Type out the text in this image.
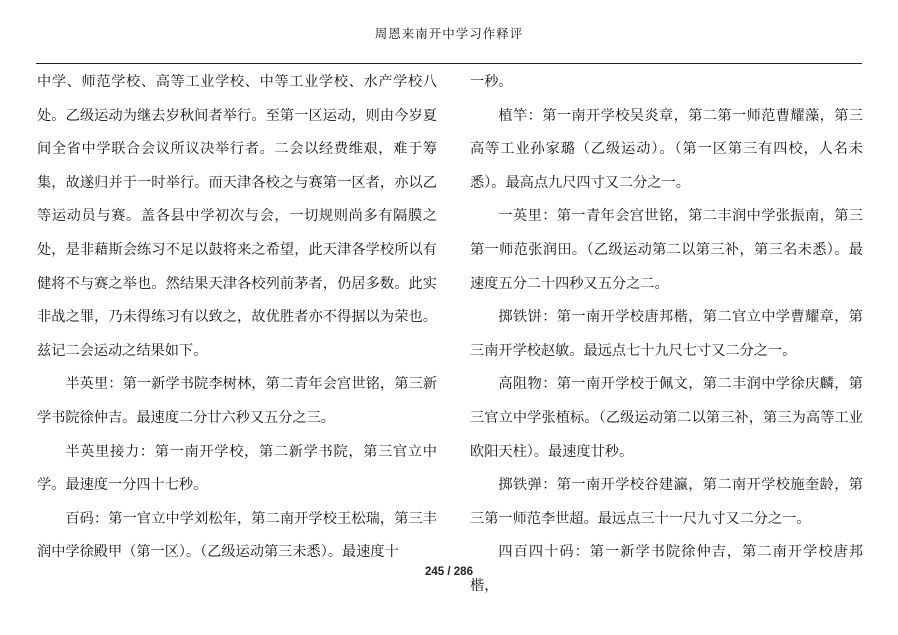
周恩来南开中学习作释评

中学、师范学校、高等工业学校、中等工业学校、水产学校八处。乙级运动为继去岁秋间者举行。至第一区运动，则由今岁夏间全省中学联合会议所议决举行者。二会以经费维艰，难于筹集，故遂归并于一时举行。而天津各校之与赛第一区者，亦以乙等运动员与赛。盖各县中学初次与会，一切规则尚多有隔膜之处，是非藉斯会练习不足以鼓将来之希望，此天津各学校所以有健将不与赛之举也。然结果天津各校列前茅者，仍居多数。此实非战之罪，乃未得练习有以致之，故优胜者亦不得据以为荣也。兹记二会运动之结果如下。

半英里：第一新学书院李树林，第二青年会宫世铭，第三新学书院徐仲吉。最速度二分廿六秒又五分之三。

半英里接力：第一南开学校，第二新学书院，第三官立中学。最速度一分四十七秒。

百码：第一官立中学刘松年，第二南开学校王松瑞，第三丰润中学徐殿甲（第一区）。（乙级运动第三未悉）。最速度十

一秒。

植竿：第一南开学校吴炎章，第二第一师范曹耀藻，第三高等工业孙家璐（乙级运动）。（第一区第三有四校，人名未悉）。最高点九尺四寸又二分之一。

一英里：第一青年会宫世铭，第二丰润中学张振南，第三第一师范张润田。（乙级运动第二以第三补，第三名未悉）。最速度五分二十四秒又五分之二。

掷铁饼：第一南开学校唐邦楷，第二官立中学曹耀章，第三南开学校赵敏。最远点七十九尺七寸又二分之一。

高阻物：第一南开学校于佩文，第二丰润中学徐庆麟，第三官立中学张植标。（乙级运动第二以第三补，第三为高等工业欧阳天柱）。最速度廿秒。

掷铁弹：第一南开学校谷建瀛，第二南开学校施奎龄，第三第一师范李世超。最远点三十一尺九寸又二分之一。

四百四十码：第一新学书院徐仲吉，第二南开学校唐邦楷，

245 / 286
